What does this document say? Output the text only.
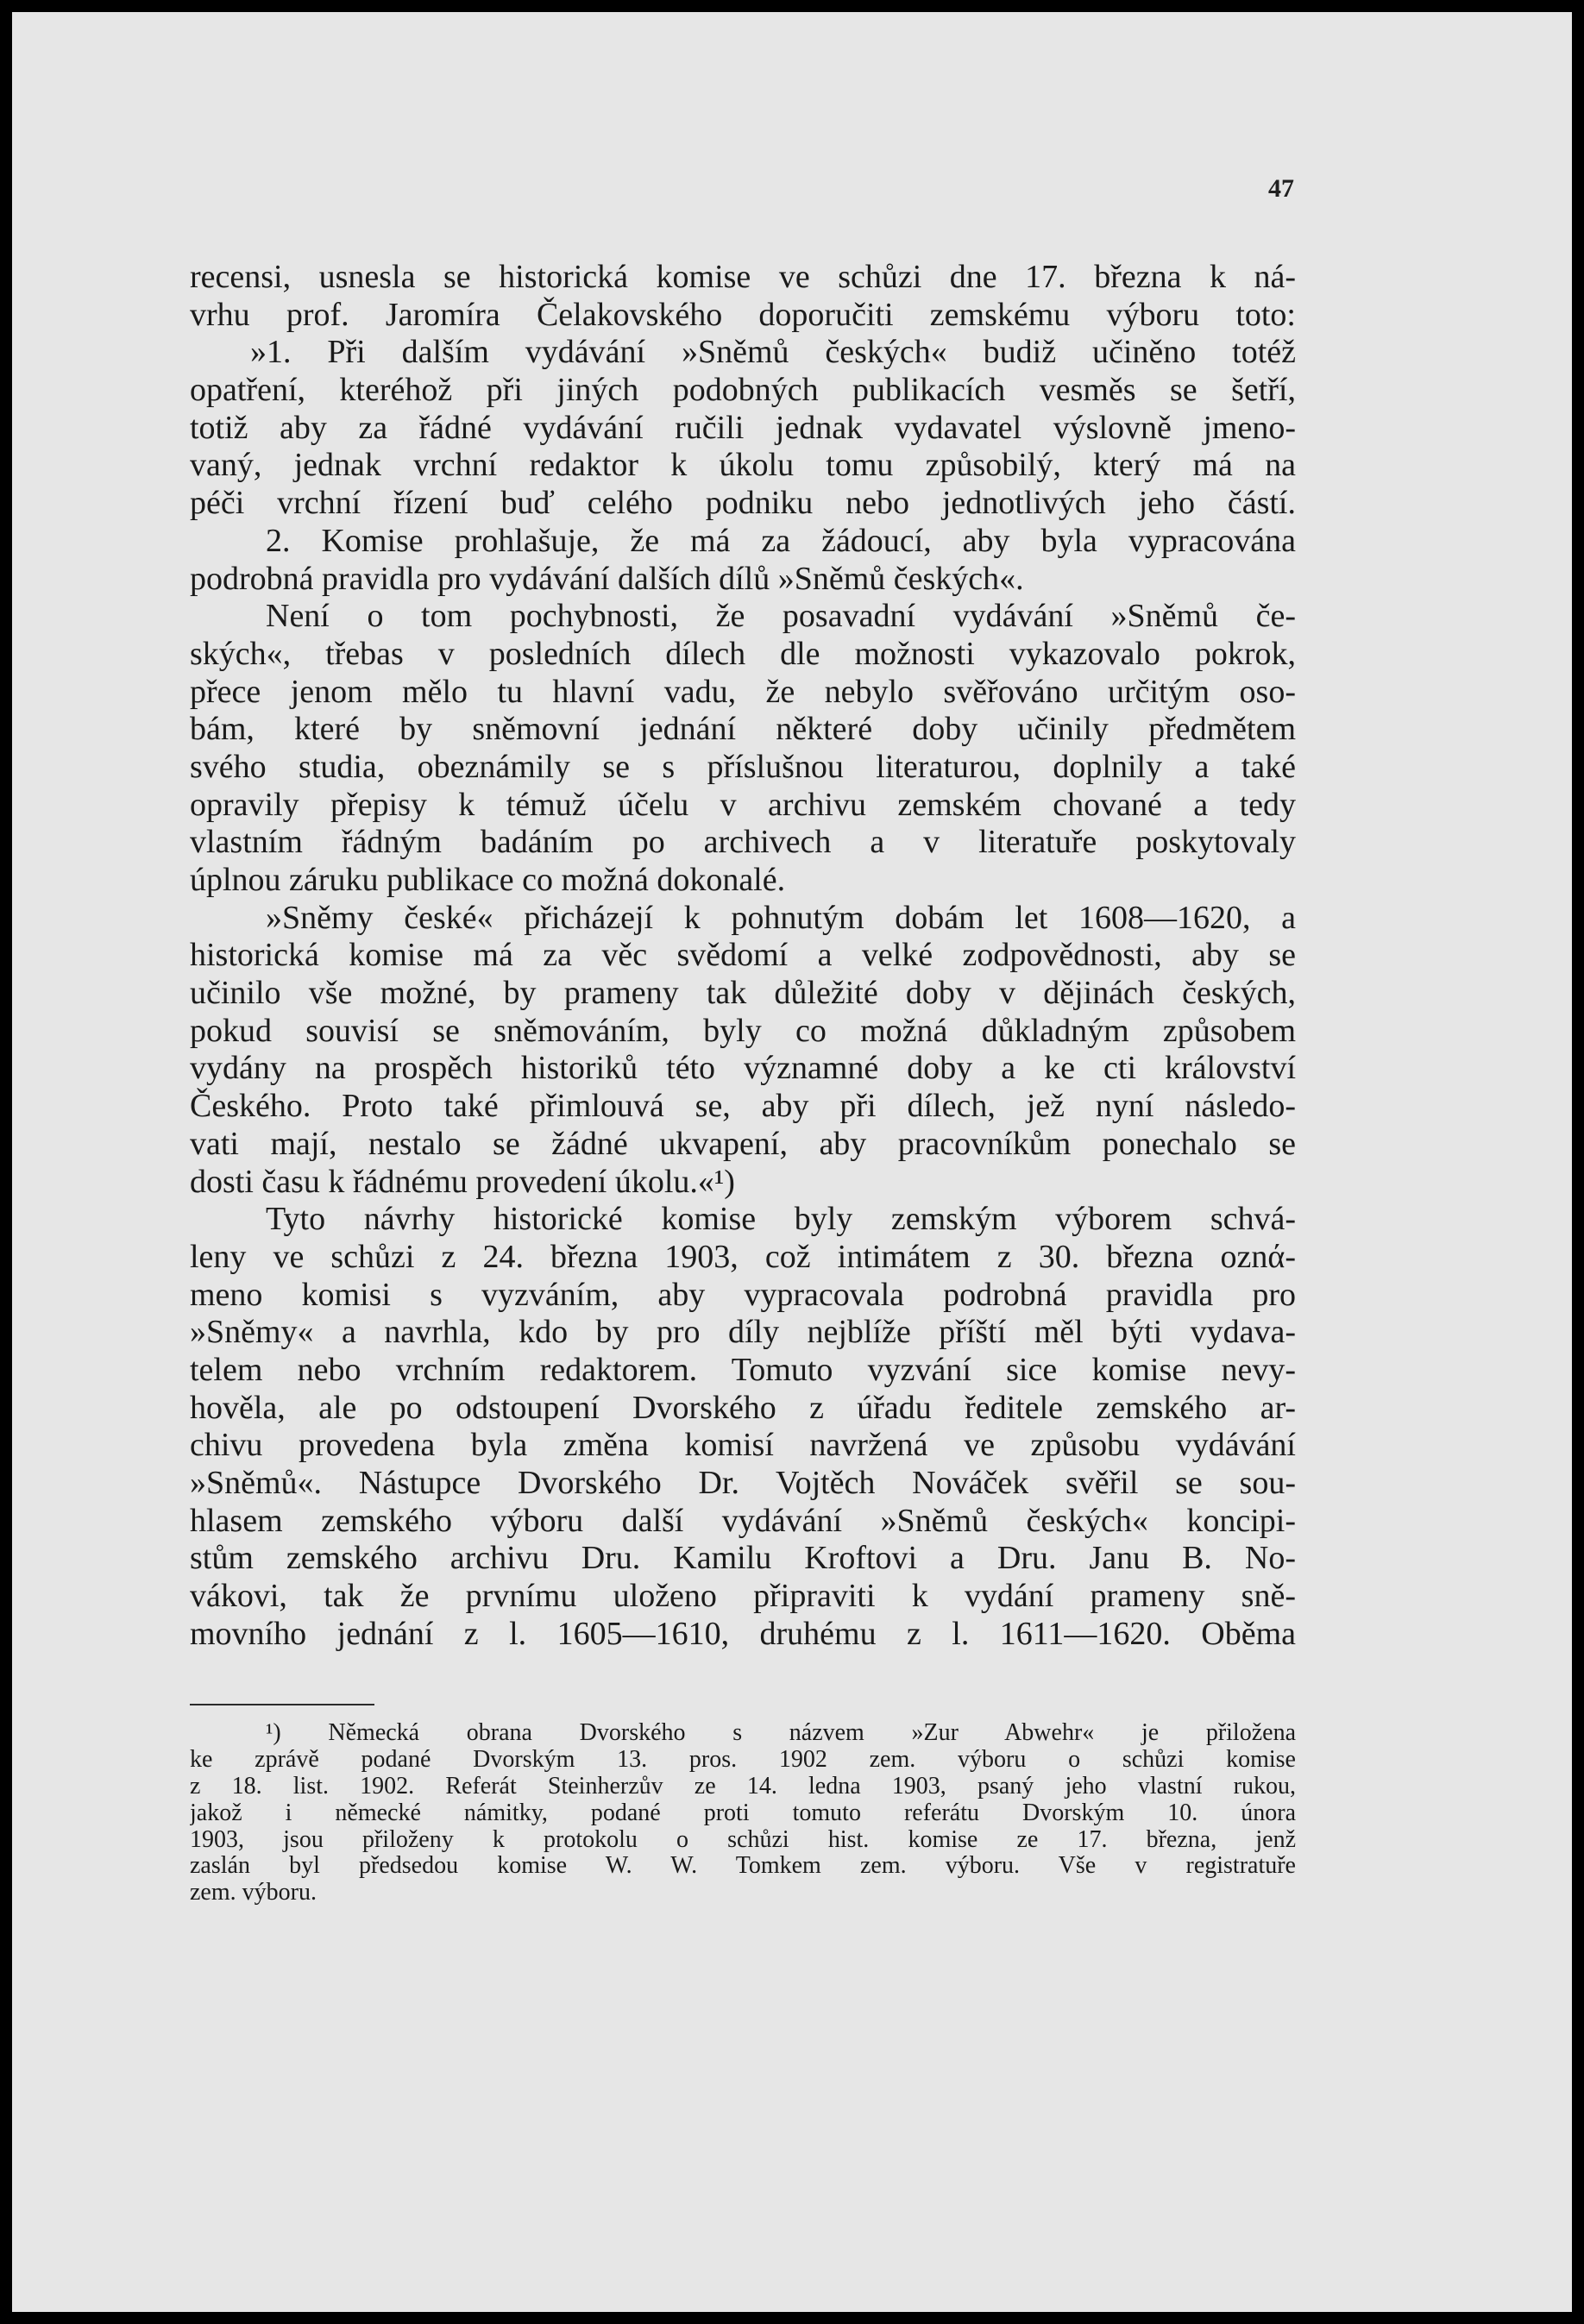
47
recensi, usnesla se historická komise ve schůzi dne 17. března k ná-
vrhu prof. Jaromíra Čelakovského doporučiti zemskému výboru toto:
»1. Při dalším vydávání »Sněmů českých« budiž učiněno totéž
opatření, kteréhož při jiných podobných publikacích vesměs se šetří,
totiž aby za řádné vydávání ručili jednak vydavatel výslovně jmeno-
vaný, jednak vrchní redaktor k úkolu tomu způsobilý, který má na
péči vrchní řízení buď celého podniku nebo jednotlivých jeho částí.
2. Komise prohlašuje, že má za žádoucí, aby byla vypracována
podrobná pravidla pro vydávání dalších dílů »Sněmů českých«.
Není o tom pochybnosti, že posavadní vydávání »Sněmů če-
ských«, třebas v posledních dílech dle možnosti vykazovalo pokrok,
přece jenom mělo tu hlavní vadu, že nebylo svěřováno určitým oso-
bám, které by sněmovní jednání některé doby učinily předmětem
svého studia, obeznámily se s příslušnou literaturou, doplnily a také
opravily přepisy k témuž účelu v archivu zemském chované a tedy
vlastním řádným badáním po archivech a v literatuře poskytovaly
úplnou záruku publikace co možná dokonalé.
»Sněmy české« přicházejí k pohnutým dobám let 1608—1620, a
historická komise má za věc svědomí a velké zodpovědnosti, aby se
učinilo vše možné, by prameny tak důležité doby v dějinách českých,
pokud souvisí se sněmováním, byly co možná důkladným způsobem
vydány na prospěch historiků této významné doby a ke cti království
Českého. Proto také přimlouvá se, aby při dílech, jež nyní následo-
vati mají, nestalo se žádné ukvapení, aby pracovníkům ponechalo se
dosti času k řádnému provedení úkolu.«¹)
Tyto návrhy historické komise byly zemským výborem schvá-
leny ve schůzi z 24. března 1903, což intimátem z 30. března oznά-
meno komisi s vyzváním, aby vypracovala podrobná pravidla pro
»Sněmy« a navrhla, kdo by pro díly nejblíže příští měl býti vydava-
telem nebo vrchním redaktorem. Tomuto vyzvání sice komise nevy-
hověla, ale po odstoupení Dvorského z úřadu ředitele zemského ar-
chivu provedena byla změna komisí navržená ve způsobu vydávání
»Sněmů«. Nástupce Dvorského Dr. Vojtěch Nováček svěřil se sou-
hlasem zemského výboru další vydávání »Sněmů českých« koncipi-
stům zemského archivu Dru. Kamilu Kroftovi a Dru. Janu B. No-
vákovi, tak že prvnímu uloženo připraviti k vydání prameny sně-
movního jednání z l. 1605—1610, druhému z l. 1611—1620. Oběma
¹) Německá obrana Dvorského s názvem »Zur Abwehr« je přiložena
ke zprávě podané Dvorským 13. pros. 1902 zem. výboru o schůzi komise
z 18. list. 1902. Referát Steinherzův ze 14. ledna 1903, psaný jeho vlastní rukou,
jakož i německé námitky, podané proti tomuto referátu Dvorským 10. února
1903, jsou přiloženy k protokolu o schůzi hist. komise ze 17. března, jenž
zaslán byl předsedou komise W. W. Tomkem zem. výboru. Vše v registratuře
zem. výboru.
